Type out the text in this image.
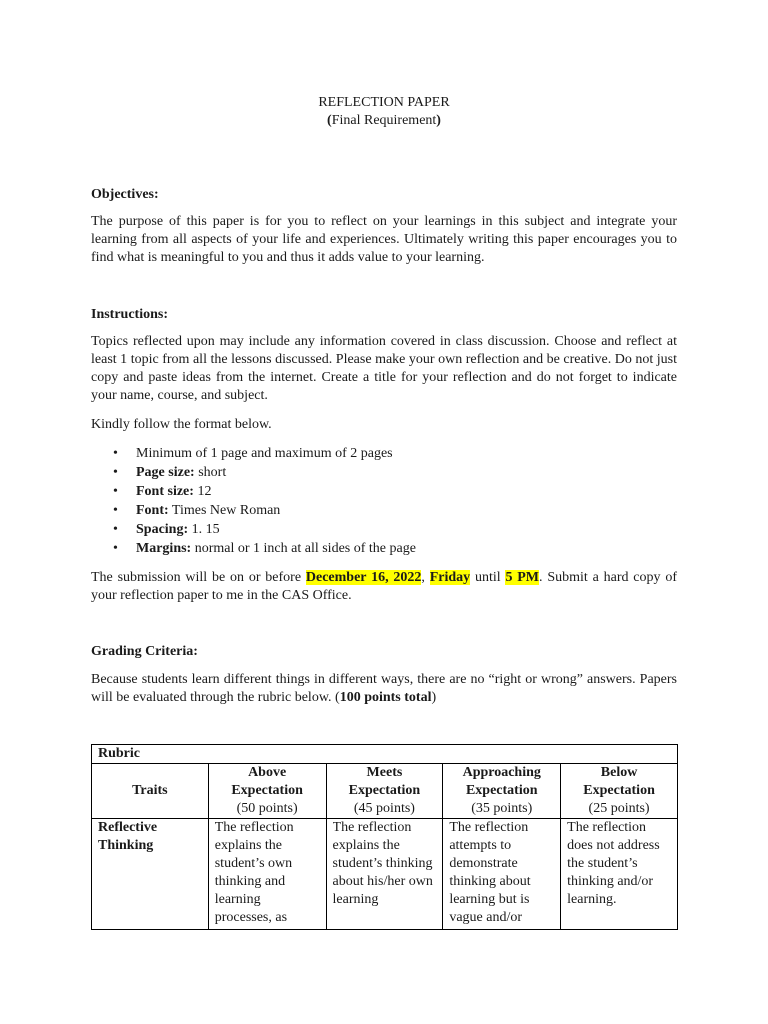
REFLECTION PAPER
(Final Requirement)
Objectives:
The purpose of this paper is for you to reflect on your learnings in this subject and integrate your learning from all aspects of your life and experiences. Ultimately writing this paper encourages you to find what is meaningful to you and thus it adds value to your learning.
Instructions:
Topics reflected upon may include any information covered in class discussion. Choose and reflect at least 1 topic from all the lessons discussed. Please make your own reflection and be creative. Do not just copy and paste ideas from the internet. Create a title for your reflection and do not forget to indicate your name, course, and subject.
Kindly follow the format below.
• Minimum of 1 page and maximum of 2 pages
• Page size: short
• Font size: 12
• Font: Times New Roman
• Spacing: 1. 15
• Margins: normal or 1 inch at all sides of the page
The submission will be on or before December 16, 2022, Friday until 5 PM. Submit a hard copy of your reflection paper to me in the CAS Office.
Grading Criteria:
Because students learn different things in different ways, there are no “right or wrong” answers. Papers will be evaluated through the rubric below. (100 points total)
Rubric				
Traits	Above
Expectation
(50 points)	Meets
Expectation
(45 points)	Approaching
Expectation
(35 points)	Below
Expectation
(25 points)

Reflective Thinking	The reflection explains the student’s own thinking and learning processes, as	The reflection explains the student’s thinking about his/her own learning	The reflection attempts to demonstrate thinking about learning but is vague and/or	The reflection does not address the student’s thinking and/or learning.
